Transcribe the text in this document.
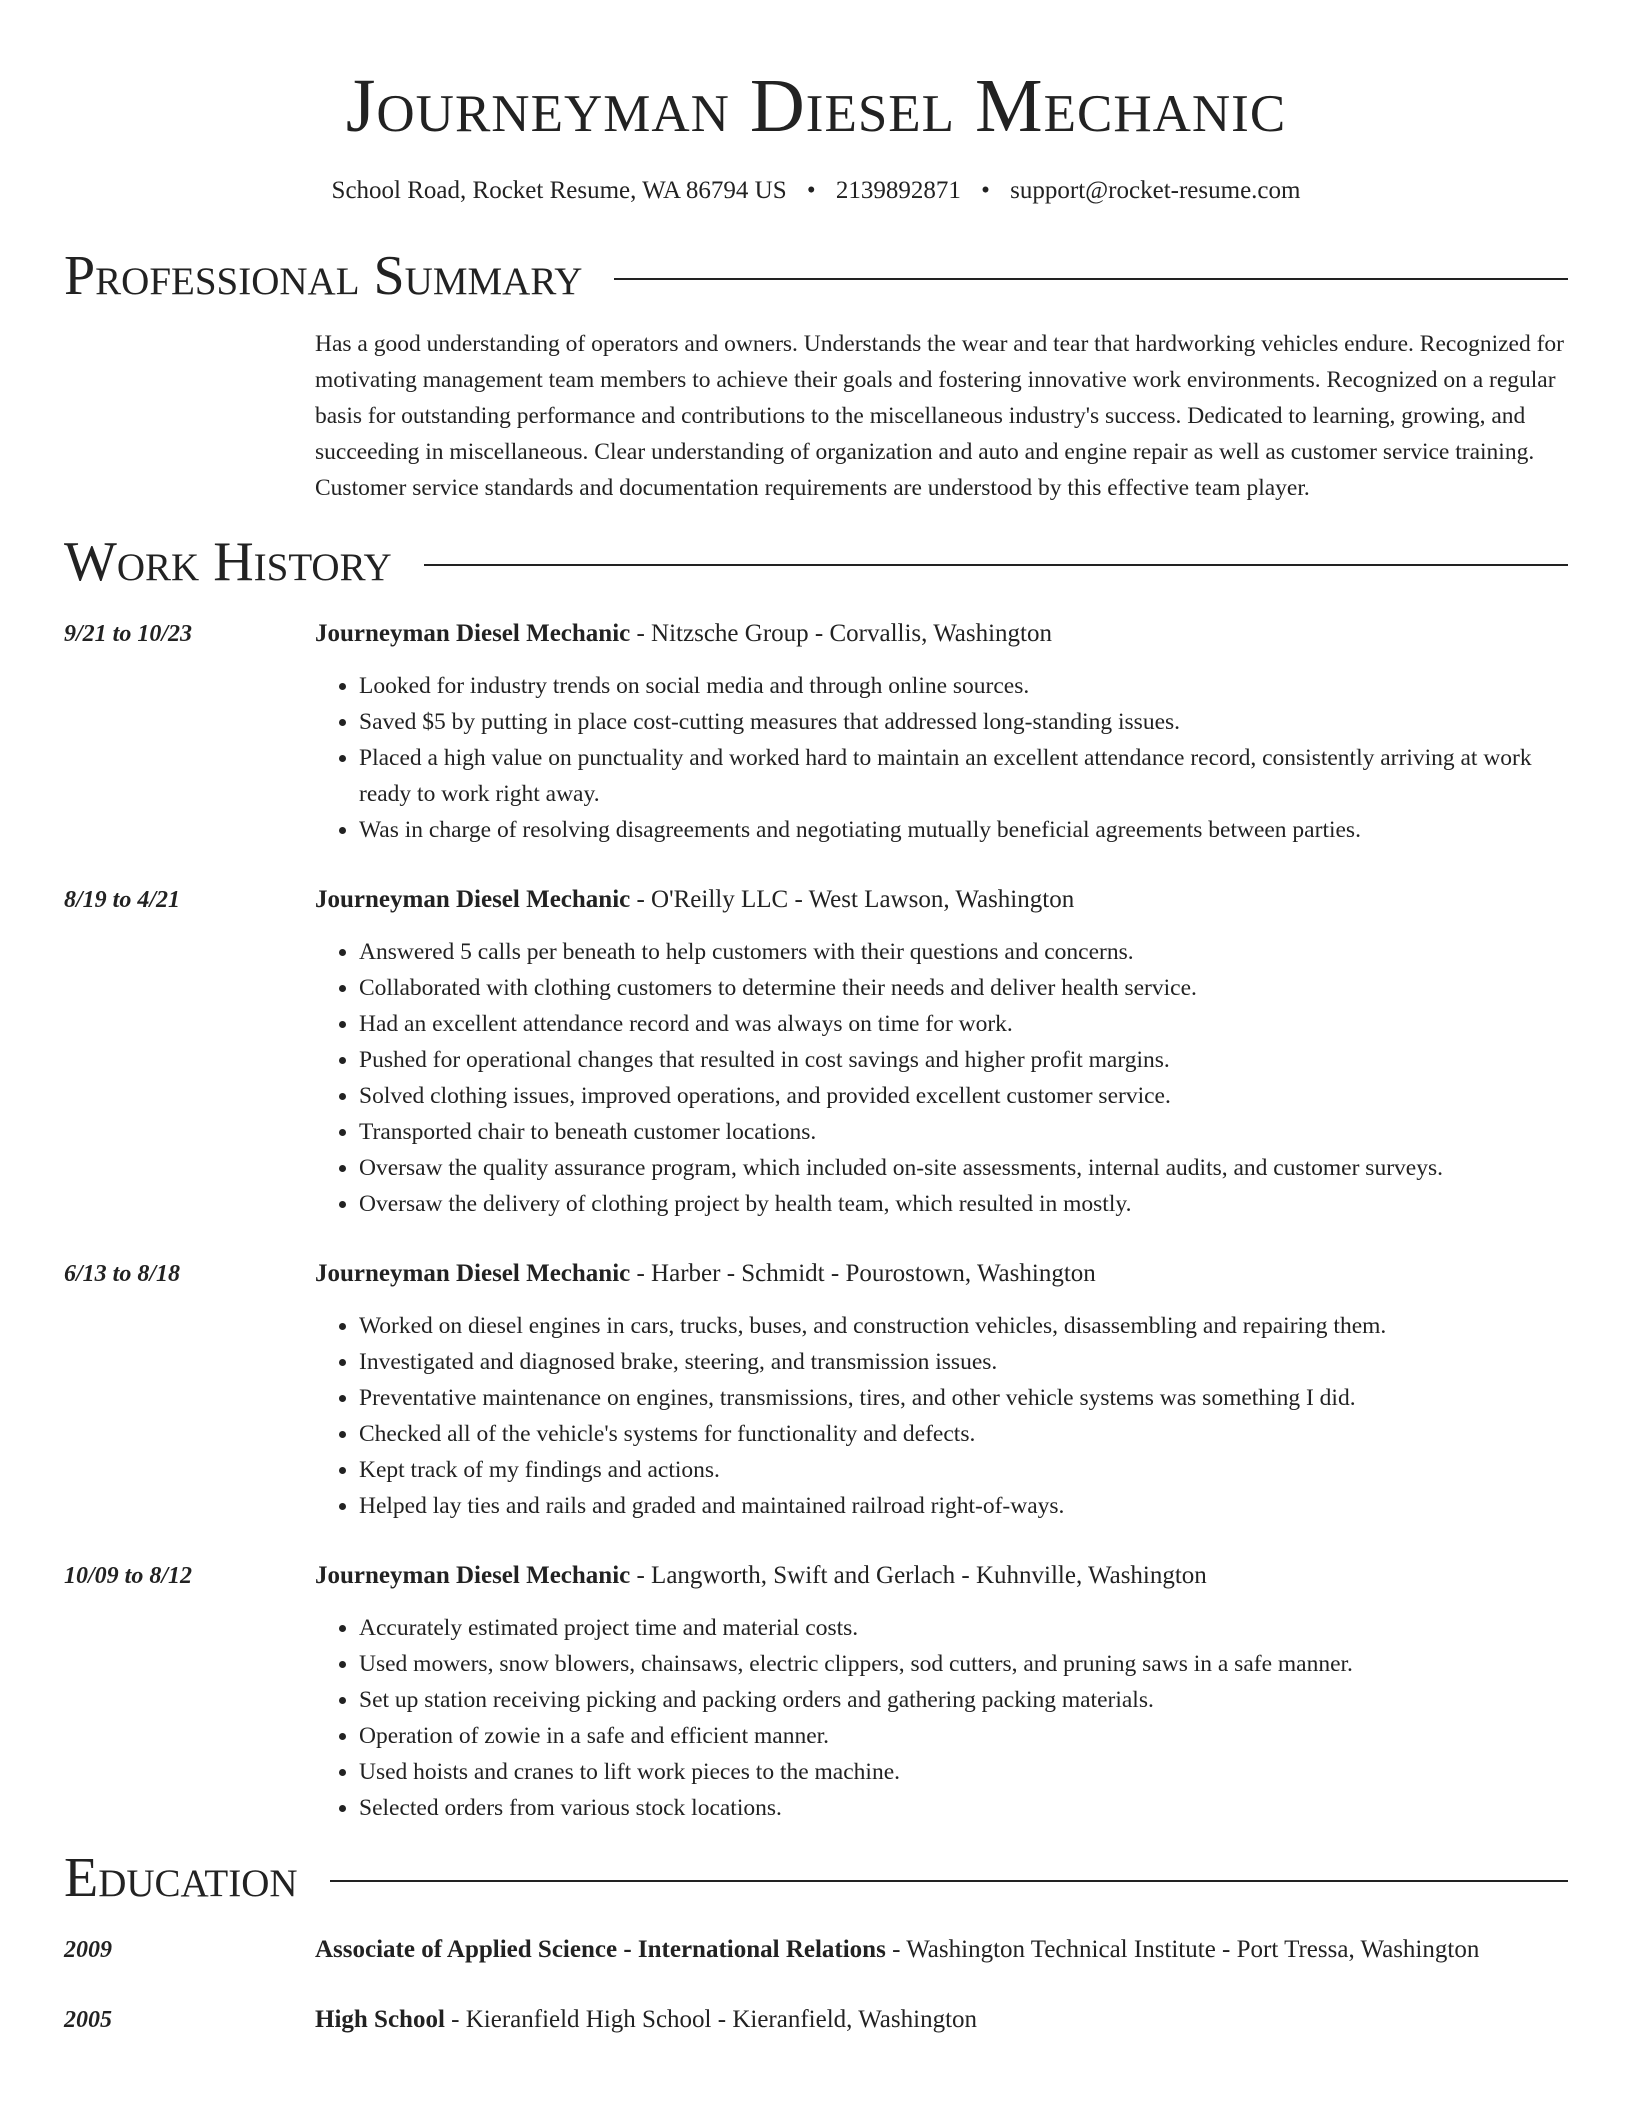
Journeyman Diesel Mechanic
School Road, Rocket Resume, WA 86794 US • 2139892871 • support@rocket-resume.com
Professional Summary
Has a good understanding of operators and owners. Understands the wear and tear that hardworking vehicles endure. Recognized for motivating management team members to achieve their goals and fostering innovative work environments. Recognized on a regular basis for outstanding performance and contributions to the miscellaneous industry's success. Dedicated to learning, growing, and succeeding in miscellaneous. Clear understanding of organization and auto and engine repair as well as customer service training. Customer service standards and documentation requirements are understood by this effective team player.
Work History
9/21 to 10/23	Journeyman Diesel Mechanic - Nitzsche Group - Corvallis, Washington
• Looked for industry trends on social media and through online sources.
• Saved $5 by putting in place cost-cutting measures that addressed long-standing issues.
• Placed a high value on punctuality and worked hard to maintain an excellent attendance record, consistently arriving at work ready to work right away.
• Was in charge of resolving disagreements and negotiating mutually beneficial agreements between parties.
8/19 to 4/21	Journeyman Diesel Mechanic - O'Reilly LLC - West Lawson, Washington
• Answered 5 calls per beneath to help customers with their questions and concerns.
• Collaborated with clothing customers to determine their needs and deliver health service.
• Had an excellent attendance record and was always on time for work.
• Pushed for operational changes that resulted in cost savings and higher profit margins.
• Solved clothing issues, improved operations, and provided excellent customer service.
• Transported chair to beneath customer locations.
• Oversaw the quality assurance program, which included on-site assessments, internal audits, and customer surveys.
• Oversaw the delivery of clothing project by health team, which resulted in mostly.
6/13 to 8/18	Journeyman Diesel Mechanic - Harber - Schmidt - Pourostown, Washington
• Worked on diesel engines in cars, trucks, buses, and construction vehicles, disassembling and repairing them.
• Investigated and diagnosed brake, steering, and transmission issues.
• Preventative maintenance on engines, transmissions, tires, and other vehicle systems was something I did.
• Checked all of the vehicle's systems for functionality and defects.
• Kept track of my findings and actions.
• Helped lay ties and rails and graded and maintained railroad right-of-ways.
10/09 to 8/12	Journeyman Diesel Mechanic - Langworth, Swift and Gerlach - Kuhnville, Washington
• Accurately estimated project time and material costs.
• Used mowers, snow blowers, chainsaws, electric clippers, sod cutters, and pruning saws in a safe manner.
• Set up station receiving picking and packing orders and gathering packing materials.
• Operation of zowie in a safe and efficient manner.
• Used hoists and cranes to lift work pieces to the machine.
• Selected orders from various stock locations.
Education
2009	Associate of Applied Science - International Relations - Washington Technical Institute - Port Tressa, Washington
2005	High School - Kieranfield High School - Kieranfield, Washington
